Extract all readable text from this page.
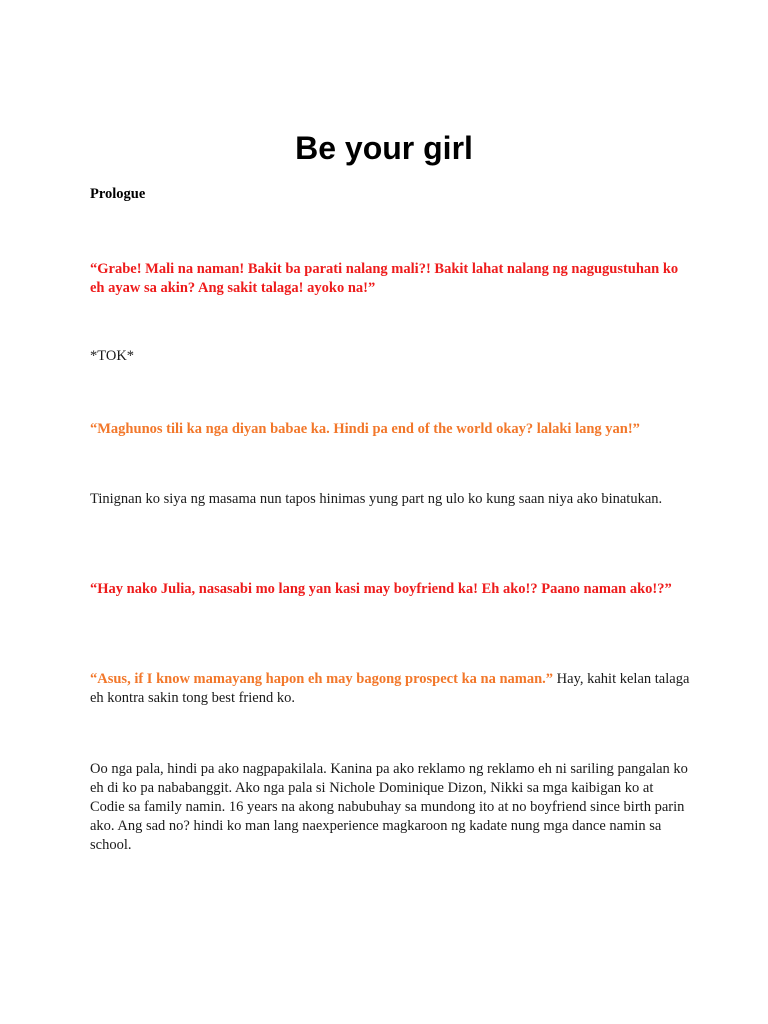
Be your girl

Prologue

“Grabe! Mali na naman! Bakit ba parati nalang mali?! Bakit lahat nalang ng nagugustuhan ko eh ayaw sa akin? Ang sakit talaga! ayoko na!”

*TOK*

“Maghunos tili ka nga diyan babae ka. Hindi pa end of the world okay? lalaki lang yan!”

Tinignan ko siya ng masama nun tapos hinimas yung part ng ulo ko kung saan niya ako binatukan.

“Hay nako Julia, nasasabi mo lang yan kasi may boyfriend ka! Eh ako!? Paano naman ako!?”

“Asus, if I know mamayang hapon eh may bagong prospect ka na naman.” Hay, kahit kelan talaga eh kontra sakin tong best friend ko.

Oo nga pala, hindi pa ako nagpapakilala. Kanina pa ako reklamo ng reklamo eh ni sariling pangalan ko eh di ko pa nababanggit. Ako nga pala si Nichole Dominique Dizon, Nikki sa mga kaibigan ko at Codie sa family namin. 16 years na akong nabubuhay sa mundong ito at no boyfriend since birth parin ako. Ang sad no? hindi ko man lang naexperience magkaroon ng kadate nung mga dance namin sa school.
